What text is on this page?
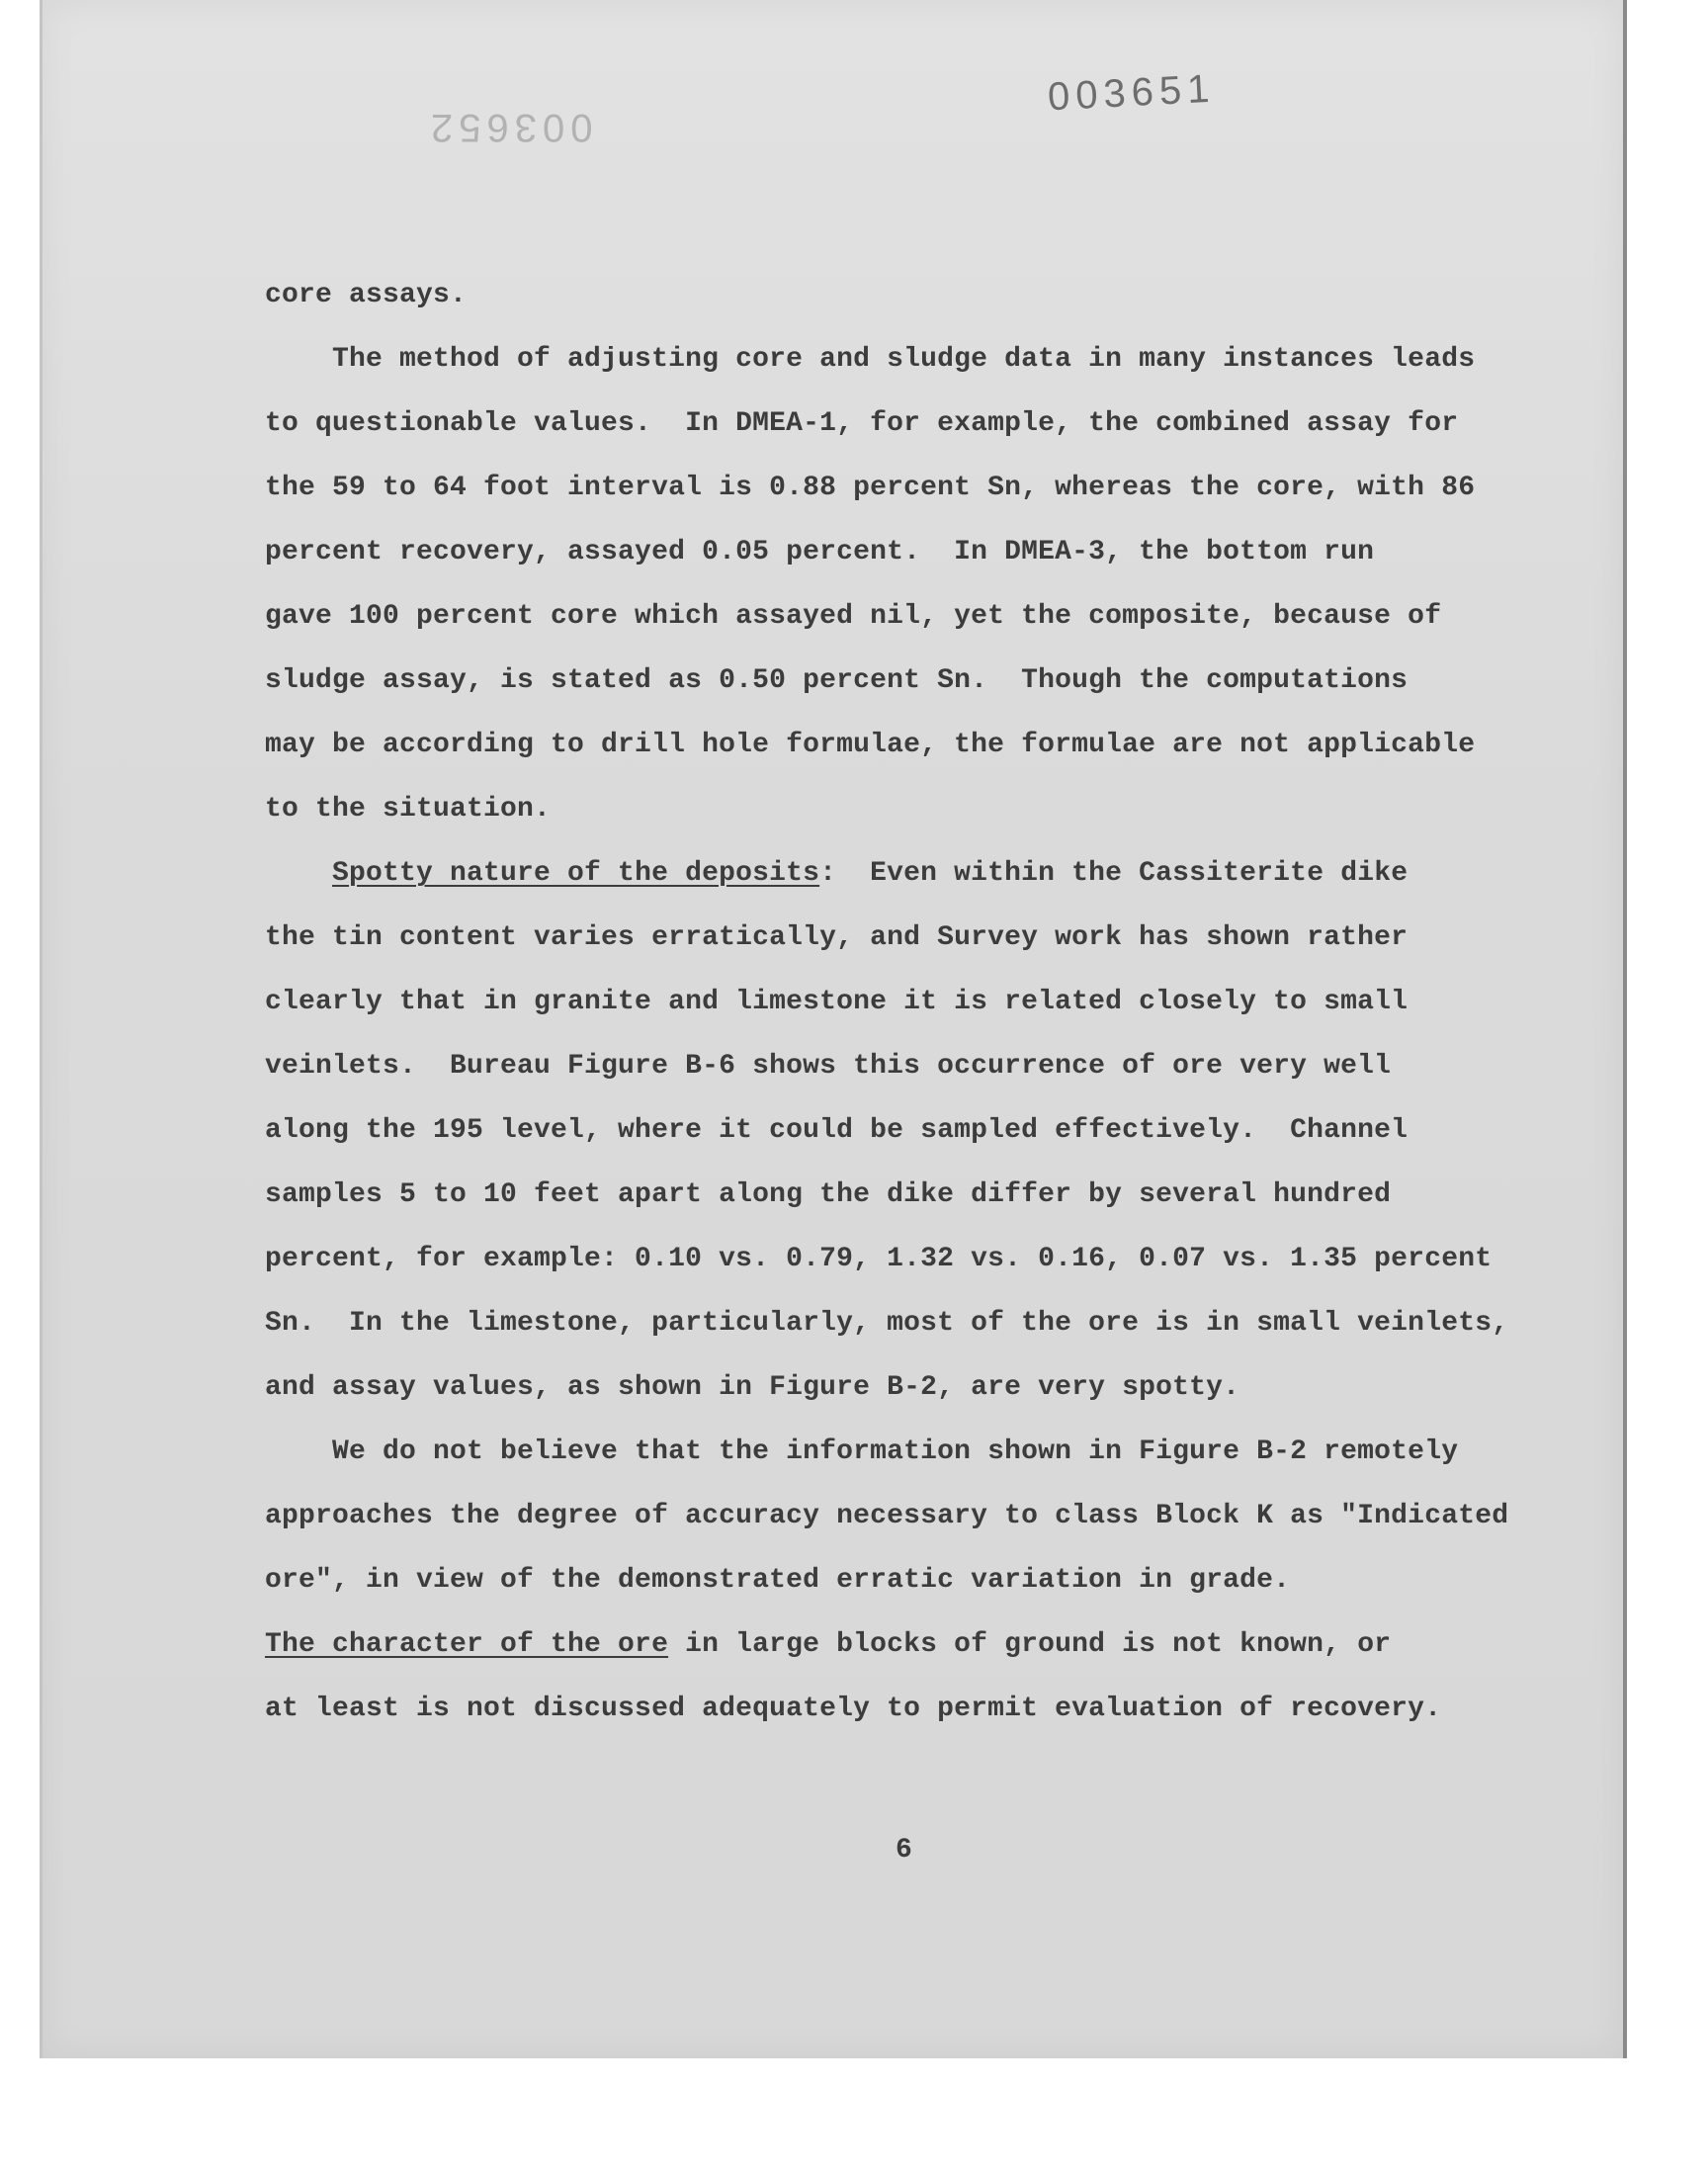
003651
003652
core assays.
The method of adjusting core and sludge data in many instances leads
to questionable values.  In DMEA-1, for example, the combined assay for
the 59 to 64 foot interval is 0.88 percent Sn, whereas the core, with 86
percent recovery, assayed 0.05 percent.  In DMEA-3, the bottom run
gave 100 percent core which assayed nil, yet the composite, because of
sludge assay, is stated as 0.50 percent Sn.  Though the computations
may be according to drill hole formulae, the formulae are not applicable
to the situation.
Spotty nature of the deposits:  Even within the Cassiterite dike
the tin content varies erratically, and Survey work has shown rather
clearly that in granite and limestone it is related closely to small
veinlets.  Bureau Figure B-6 shows this occurrence of ore very well
along the 195 level, where it could be sampled effectively.  Channel
samples 5 to 10 feet apart along the dike differ by several hundred
percent, for example: 0.10 vs. 0.79, 1.32 vs. 0.16, 0.07 vs. 1.35 percent
Sn.  In the limestone, particularly, most of the ore is in small veinlets,
and assay values, as shown in Figure B-2, are very spotty.
We do not believe that the information shown in Figure B-2 remotely
approaches the degree of accuracy necessary to class Block K as "Indicated
ore", in view of the demonstrated erratic variation in grade.
The character of the ore in large blocks of ground is not known, or
at least is not discussed adequately to permit evaluation of recovery.
6
